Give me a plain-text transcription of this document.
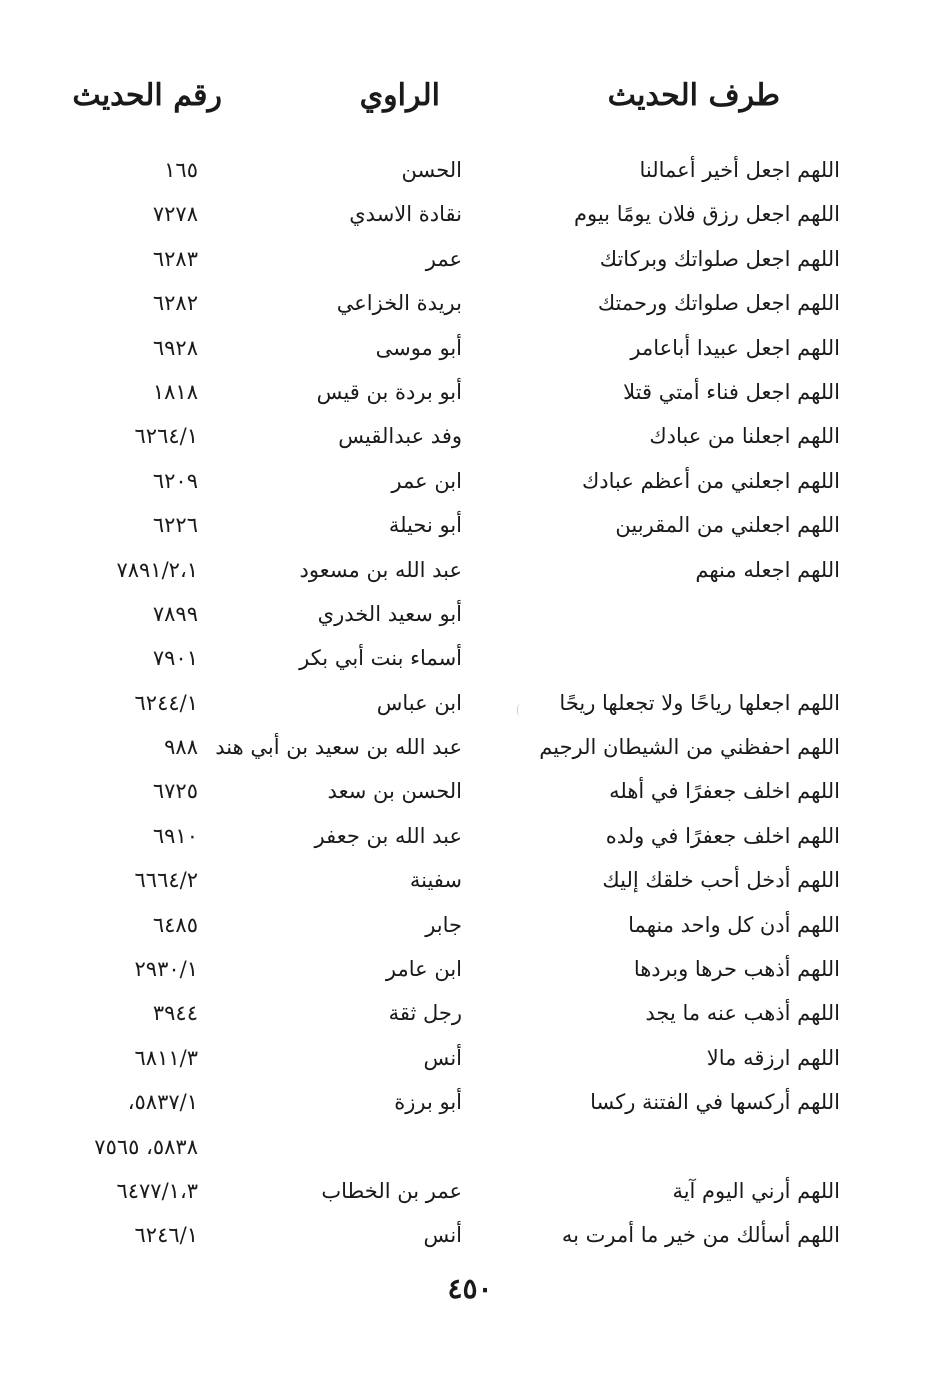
طرف الحديث
الراوي
رقم الحديث
اللهم اجعل أخير أعمالنا
الحسن
١٦٥
اللهم اجعل رزق فلان يومًا بيوم
نقادة الاسدي
٧٢٧٨
اللهم اجعل صلواتك وبركاتك
عمر
٦٢٨٣
اللهم اجعل صلواتك ورحمتك
بريدة الخزاعي
٦٢٨٢
اللهم اجعل عبيدا أباعامر
أبو موسى
٦٩٢٨
اللهم اجعل فناء أمتي قتلا
أبو بردة بن قيس
١٨١٨
اللهم اجعلنا من عبادك
وفد عبدالقيس
٦٢٦٤/١
اللهم اجعلني من أعظم عبادك
ابن عمر
٦٢٠٩
اللهم اجعلني من المقربين
أبو نحيلة
٦٢٢٦
اللهم اجعله منهم
عبد الله بن مسعود
٧٨٩١/٢،١
أبو سعيد الخدري
٧٨٩٩
أسماء بنت أبي بكر
٧٩٠١
اللهم اجعلها رياحًا ولا تجعلها ريحًا
ابن عباس
٦٢٤٤/١
اللهم احفظني من الشيطان الرجيم
عبد الله بن سعيد بن أبي هند
٩٨٨
اللهم اخلف جعفرًا في أهله
الحسن بن سعد
٦٧٢٥
اللهم اخلف جعفرًا في ولده
عبد الله بن جعفر
٦٩١٠
اللهم أدخل أحب خلقك إليك
سفينة
٦٦٦٤/٢
اللهم أدن كل واحد منهما
جابر
٦٤٨٥
اللهم أذهب حرها وبردها
ابن عامر
٢٩٣٠/١
اللهم أذهب عنه ما يجد
رجل ثقة
٣٩٤٤
اللهم ارزقه مالا
أنس
٦٨١١/٣
اللهم أركسها في الفتنة ركسا
أبو برزة
٥٨٣٧/١،
٥٨٣٨، ٧٥٦٥
اللهم أرني اليوم آية
عمر بن الخطاب
٦٤٧٧/١،٣
اللهم أسألك من خير ما أمرت به
أنس
٦٢٤٦/١
٤٥٠
